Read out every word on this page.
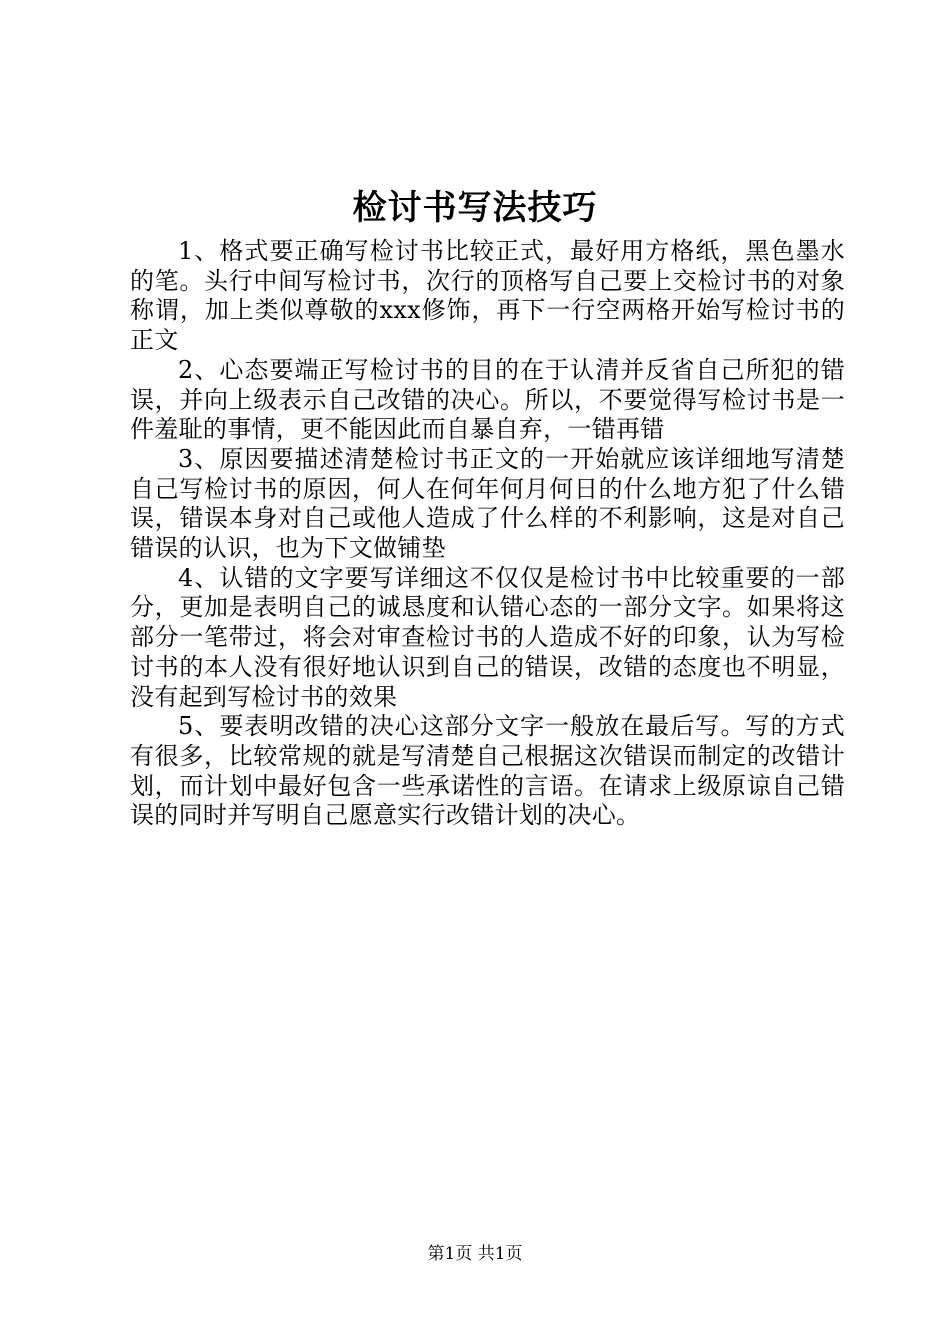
检讨书写法技巧

1、格式要正确写检讨书比较正式，最好用方格纸，黑色墨水的笔。头行中间写检讨书，次行的顶格写自己要上交检讨书的对象称谓，加上类似尊敬的xxx修饰，再下一行空两格开始写检讨书的正文

2、心态要端正写检讨书的目的在于认清并反省自己所犯的错误，并向上级表示自己改错的决心。所以，不要觉得写检讨书是一件羞耻的事情，更不能因此而自暴自弃，一错再错

3、原因要描述清楚检讨书正文的一开始就应该详细地写清楚自己写检讨书的原因，何人在何年何月何日的什么地方犯了什么错误，错误本身对自己或他人造成了什么样的不利影响，这是对自己错误的认识，也为下文做铺垫

4、认错的文字要写详细这不仅仅是检讨书中比较重要的一部分，更加是表明自己的诚恳度和认错心态的一部分文字。如果将这部分一笔带过，将会对审查检讨书的人造成不好的印象，认为写检讨书的本人没有很好地认识到自己的错误，改错的态度也不明显，没有起到写检讨书的效果

5、要表明改错的决心这部分文字一般放在最后写。写的方式有很多，比较常规的就是写清楚自己根据这次错误而制定的改错计划，而计划中最好包含一些承诺性的言语。在请求上级原谅自己错误的同时并写明自己愿意实行改错计划的决心。

第1页 共1页
